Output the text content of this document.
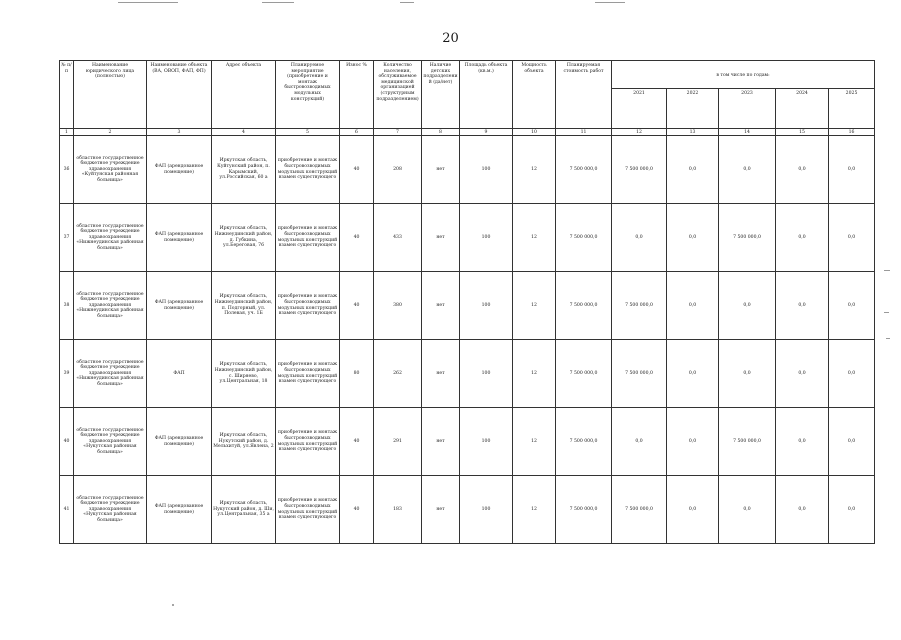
20
№ п/п	Наименование юридического лица (полностью)	Наименование объекта (ВА, ОВОП, ФАП, ФП)	Адрес объекта	Планируемое мероприятие (приобретение и монтаж быстровозводимых модульных конструкций)	Износ %	Количество населения, обслуживаемое медицинской организацией (структурным подразделением)	Наличие детских подразделений (да/нет)	Площадь объекта (кв.м.)	Мощность объекта	Планируемая стоимость работ	в том числе по годам:				
											2021	2022	2023	2024	2025
1	2	3	4	5	6	7	8	9	10	11	12	13	14	15	16
36	областное государственное бюджетное учреждение здравоохранения «Куйтунская районная больница»	ФАП (арендованное помещение)	Иркутская область, Куйтунский район, п. Карымский, ул.Российская, 60 а	приобретение и монтаж быстровозводимых модульных конструкций взамен существующего	40	208	нет	100	12	7 500 000,0	7 500 000,0	0,0	0,0	0,0	0,0
37	областное государственное бюджетное учреждение здравоохранения «Нижнеудинская районная больница»	ФАП (арендованное помещение)	Иркутская область, Нижнеудинский район, д. Губкина, ул.Береговая, 76	приобретение и монтаж быстровозводимых модульных конструкций взамен существующего	40	433	нет	100	12	7 500 000,0	0,0	0,0	7 500 000,0	0,0	0,0
38	областное государственное бюджетное учреждение здравоохранения «Нижнеудинская районная больница»	ФАП (арендованное помещение)	Иркутская область, Нижнеудинский район, п. Подгорный, ул. Полевая, уч. 1Б	приобретение и монтаж быстровозводимых модульных конструкций взамен существующего	40	380	нет	100	12	7 500 000,0	7 500 000,0	0,0	0,0	0,0	0,0
39	областное государственное бюджетное учреждение здравоохранения «Нижнеудинская районная больница»	ФАП	Иркутская область, Нижнеудинский район, с. Ширяево, ул.Центральная, 18	приобретение и монтаж быстровозводимых модульных конструкций взамен существующего	80	262	нет	100	12	7 500 000,0	7 500 000,0	0,0	0,0	0,0	0,0
40	областное государственное бюджетное учреждение здравоохранения «Нукутская районная больница»	ФАП (арендованное помещение)	Иркутская область, Нукутский район, д. Мельхитуй, ул.Явлена, 2	приобретение и монтаж быстровозводимых модульных конструкций взамен существующего	40	291	нет	100	12	7 500 000,0	0,0	0,0	7 500 000,0	0,0	0,0
41	областное государственное бюджетное учреждение здравоохранения «Нукутская районная больница»	ФАП (арендованное помещение)	Иркутская область, Нукутский район, д. Ши, ул.Центральная, 35 а	приобретение и монтаж быстровозводимых модульных конструкций взамен существующего	40	183	нет	100	12	7 500 000,0	7 500 000,0	0,0	0,0	0,0	0,0
